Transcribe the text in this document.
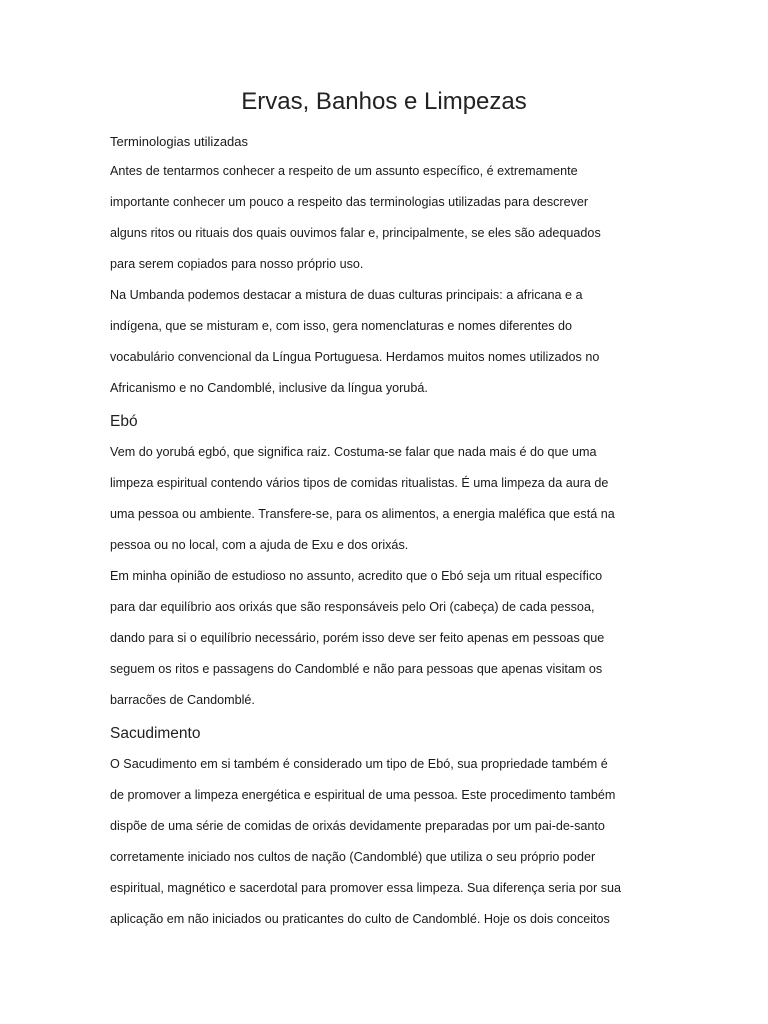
Ervas, Banhos e Limpezas

Terminologias utilizadas

Antes de tentarmos conhecer a respeito de um assunto específico, é extremamente
importante conhecer um pouco a respeito das terminologias utilizadas para descrever
alguns ritos ou rituais dos quais ouvimos falar e, principalmente, se eles são adequados
para serem copiados para nosso próprio uso.

Na Umbanda podemos destacar a mistura de duas culturas principais: a africana e a
indígena, que se misturam e, com isso, gera nomenclaturas e nomes diferentes do
vocabulário convencional da Língua Portuguesa. Herdamos muitos nomes utilizados no
Africanismo e no Candomblé, inclusive da língua yorubá.

Ebó

Vem do yorubá egbó, que significa raiz. Costuma-se falar que nada mais é do que uma
limpeza espiritual contendo vários tipos de comidas ritualistas. É uma limpeza da aura de
uma pessoa ou ambiente. Transfere-se, para os alimentos, a energia maléfica que está na
pessoa ou no local, com a ajuda de Exu e dos orixás.

Em minha opinião de estudioso no assunto, acredito que o Ebó seja um ritual específico
para dar equilíbrio aos orixás que são responsáveis pelo Ori (cabeça) de cada pessoa,
dando para si o equilíbrio necessário, porém isso deve ser feito apenas em pessoas que
seguem os ritos e passagens do Candomblé e não para pessoas que apenas visitam os
barracões de Candomblé.

Sacudimento

O Sacudimento em si também é considerado um tipo de Ebó, sua propriedade também é
de promover a limpeza energética e espiritual de uma pessoa. Este procedimento também
dispõe de uma série de comidas de orixás devidamente preparadas por um pai-de-santo
corretamente iniciado nos cultos de nação (Candomblé) que utiliza o seu próprio poder
espiritual, magnético e sacerdotal para promover essa limpeza. Sua diferença seria por sua
aplicação em não iniciados ou praticantes do culto de Candomblé. Hoje os dois conceitos
